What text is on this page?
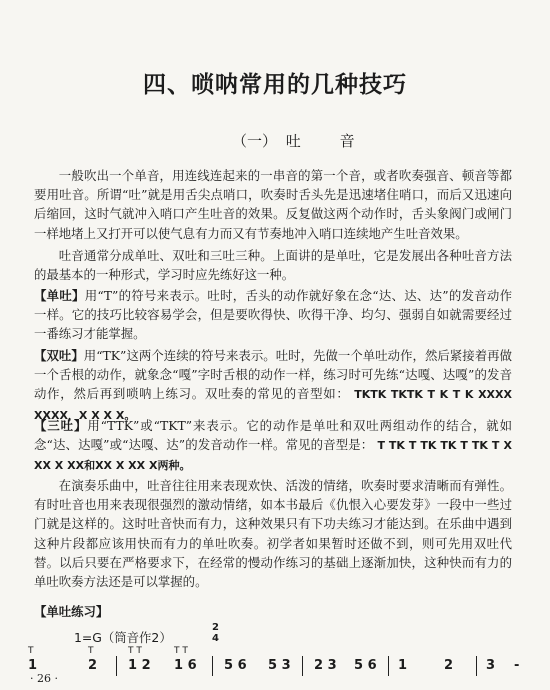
四、唢呐常用的几种技巧
（一） 吐	音

一般吹出一个单音，用连线连起来的一串音的第一个音，或者吹奏强音、顿音等都要用吐音。所谓“吐”就是用舌尖点哨口，吹奏时舌头先是迅速堵住哨口，而后又迅速向后缩回，这时气就冲入哨口产生吐音的效果。反复做这两个动作时，舌头象阀门或闸门一样地堵上又打开可以使气息有力而又有节奏地冲入哨口连续地产生吐音效果。

吐音通常分成单吐、双吐和三吐三种。上面讲的是单吐，它是发展出各种吐音方法的最基本的一种形式，学习时应先练好这一种。

【单吐】用“T”的符号来表示。吐时，舌头的动作就好象在念“达、达、达”的发音动作一样。它的技巧比较容易学会，但是要吹得快、吹得干净、均匀、强弱自如就需要经过一番练习才能掌握。

【双吐】用“TK”这两个连续的符号来表示。吐时，先做一个单吐动作，然后紧接着再做一个舌根的动作，就象念“嘎”字时舌根的动作一样，练习时可先练“达嘎、达嘎”的发音动作，然后再到唢呐上练习。双吐奏的常见的音型如： TKTK TKTK T K T K XXXX XXXX，X X X X。

【三吐】用“TTK”或“TKT”来表示。它的动作是单吐和双吐两组动作的结合，就如念“达、达嘎”或“达嘎、达”的发音动作一样。常见的音型是： T TK T TK TK T TK T X XX X XX和XX X XX X两种。

在演奏乐曲中，吐音往往用来表现欢快、活泼的情绪，吹奏时要求清晰而有弹性。有时吐音也用来表现很强烈的激动情绪，如本书最后《仇恨入心要发芽》一段中一些过门就是这样的。这时吐音快而有力，这种效果只有下功夫练习才能达到。在乐曲中遇到这种片段都应该用快而有力的单吐吹奏。初学者如果暂时还做不到，则可先用双吐代替。以后只要在严格要求下，在经常的慢动作练习的基础上逐渐加快，这种快而有力的单吐吹奏方法还是可以掌握的。

【单吐练习】
1=G（筒音作2）
2
4
T	T	T T	T T
1	2 1 2 1 6 5 6 5 3 2 3 5 6 1	2	3 -
· 26 ·
